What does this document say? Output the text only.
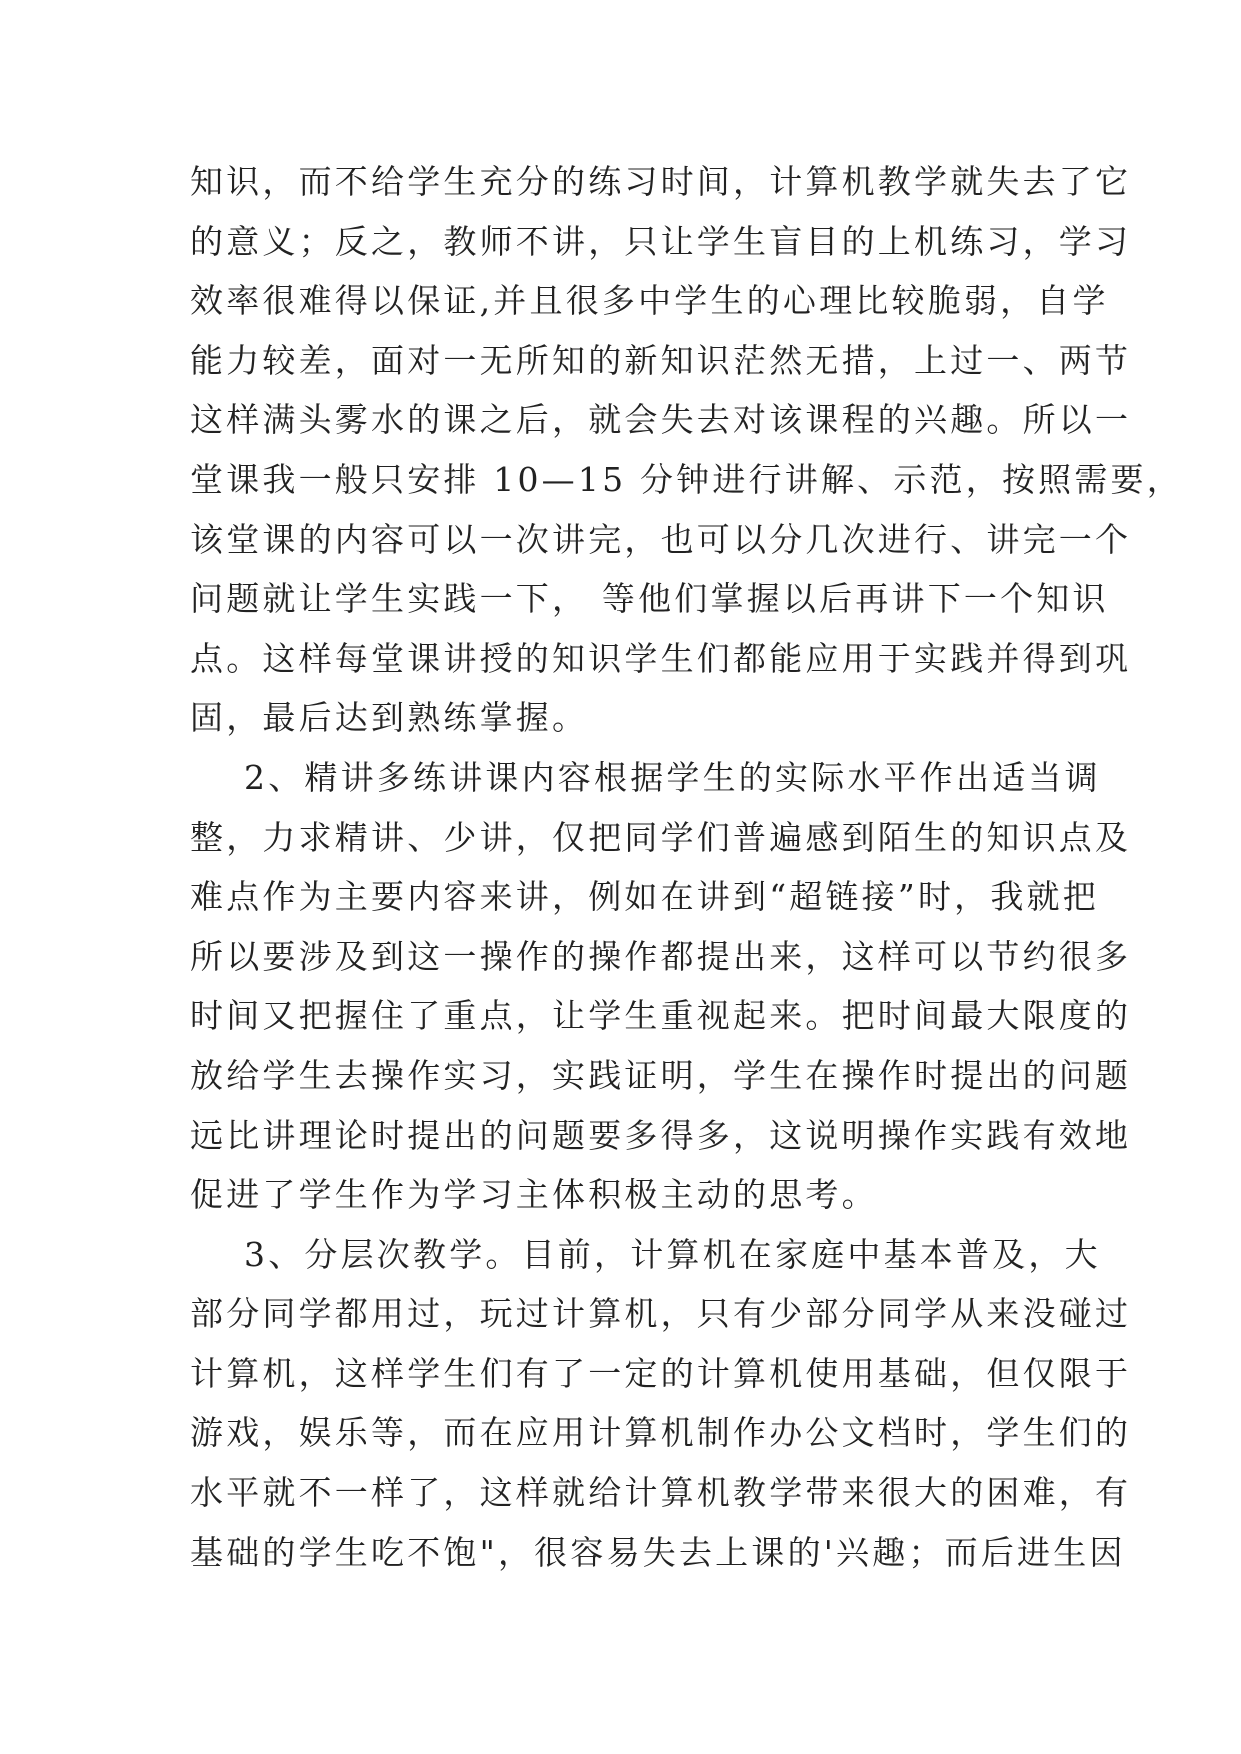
知识，而不给学生充分的练习时间，计算机教学就失去了它
的意义；反之，教师不讲，只让学生盲目的上机练习，学习
效率很难得以保证,并且很多中学生的心理比较脆弱，自学
能力较差，面对一无所知的新知识茫然无措，上过一、两节
这样满头雾水的课之后，就会失去对该课程的兴趣。所以一
堂课我一般只安排 10—15 分钟进行讲解、示范，按照需要，
该堂课的内容可以一次讲完，也可以分几次进行、讲完一个
问题就让学生实践一下， 等他们掌握以后再讲下一个知识
点。这样每堂课讲授的知识学生们都能应用于实践并得到巩
固，最后达到熟练掌握。
2、精讲多练讲课内容根据学生的实际水平作出适当调
整，力求精讲、少讲，仅把同学们普遍感到陌生的知识点及
难点作为主要内容来讲，例如在讲到“超链接”时，我就把
所以要涉及到这一操作的操作都提出来，这样可以节约很多
时间又把握住了重点，让学生重视起来。把时间最大限度的
放给学生去操作实习，实践证明，学生在操作时提出的问题
远比讲理论时提出的问题要多得多，这说明操作实践有效地
促进了学生作为学习主体积极主动的思考。
3、分层次教学。目前，计算机在家庭中基本普及，大
部分同学都用过，玩过计算机，只有少部分同学从来没碰过
计算机，这样学生们有了一定的计算机使用基础，但仅限于
游戏，娱乐等，而在应用计算机制作办公文档时，学生们的
水平就不一样了，这样就给计算机教学带来很大的困难，有
基础的学生吃不饱"，很容易失去上课的'兴趣；而后进生因
